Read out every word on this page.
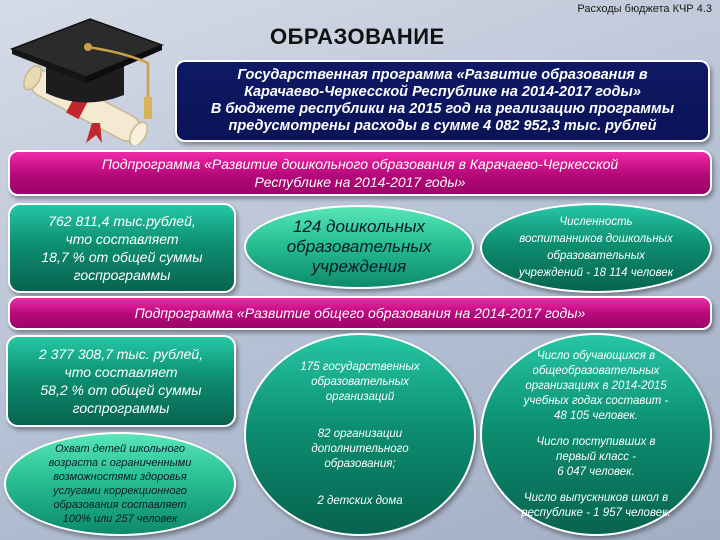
Расходы бюджета КЧР 4.3
ОБРАЗОВАНИЕ
Государственная программа «Развитие образования в
Карачаево-Черкесской Республике на 2014-2017 годы»
В бюджете республики на 2015 год на реализацию программы
предусмотрены расходы в сумме 4 082 952,3 тыс. рублей
Подпрограмма «Развитие дошкольного образования в Карачаево-Черкесской
Республике на 2014-2017 годы»
762 811,4 тыс.рублей,
что составляет
18,7 % от общей суммы
госпрограммы
124 дошкольных
образовательных
учреждения
Численность
воспитанников дошкольных
образовательных
учреждений - 18 114 человек
Подпрограмма «Развитие общего образования на 2014-2017 годы»
2 377 308,7 тыс. рублей,
что составляет
58,2 % от общей суммы
госпрограммы
Охват детей школьного
возраста с ограниченными
возможностями здоровья
услугами коррекционного
образования составляет
100% или 257 человек
175 государственных
образовательных
организаций
82 организации
дополнительного
образования;
2 детских дома
Число обучающихся в
общеобразовательных
организациях в 2014-2015
учебных годах составит -
48 105 человек.
Число поступивших в
первый класс -
6 047 человек.
Число выпускников школ в
республике - 1 957 человек.
